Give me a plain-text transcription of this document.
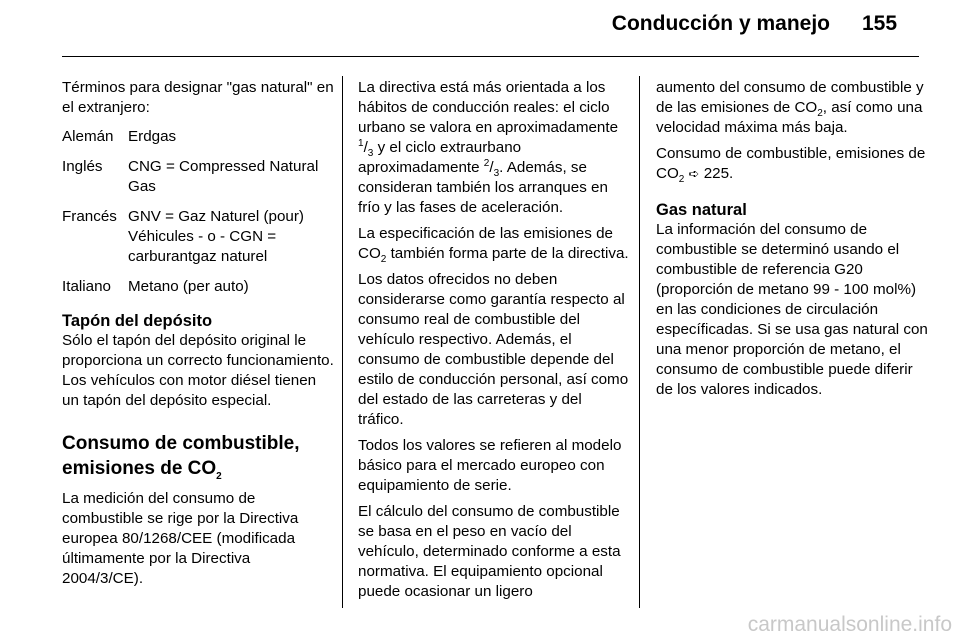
Conducción y manejo 155

Términos para designar "gas natural" en el extranjero:

Alemán Erdgas
Inglés	CNG = Compressed Natural Gas
Francés GNV = Gaz Naturel (pour) Véhicules - o - CGN = carburantgaz naturel
Italiano	Metano (per auto)
Tapón del depósito

Sólo el tapón del depósito original le proporciona un correcto funcionamiento. Los vehículos con motor diésel tienen un tapón del depósito especial.

Consumo de combustible, emisiones de $CO_2$

La medición del consumo de combustible se rige por la Directiva europea 80/1268/CEE (modificada últimamente por la Directiva 2004/3/CE).

La directiva está más orientada a los hábitos de conducción reales: el ciclo urbano se valora en aproximadamente $^1/_3$ y el ciclo extraurbano aproximadamente $^2/_3$. Además, se consideran también los arranques en frío y las fases de aceleración.

La especificación de las emisiones de $CO_2$ también forma parte de la directiva.

Los datos ofrecidos no deben considerarse como garantía respecto al consumo real de combustible del vehículo respectivo. Además, el consumo de combustible depende del estilo de conducción personal, así como del estado de las carreteras y del tráfico.

Todos los valores se refieren al modelo básico para el mercado europeo con equipamiento de serie.

El cálculo del consumo de combustible se basa en el peso en vacío del vehículo, determinado conforme a esta normativa. El equipamiento opcional puede ocasionar un ligero

aumento del consumo de combustible y de las emisiones de $CO_2$, así como una velocidad máxima más baja.

Consumo de combustible, emisiones de $CO_2$ ➪ 225.

Gas natural

La información del consumo de combustible se determinó usando el combustible de referencia G20 (proporción de metano 99 - 100 mol%) en las condiciones de circulación específicadas. Si se usa gas natural con una menor proporción de metano, el consumo de combustible puede diferir de los valores indicados.

carmanualsonline.info
